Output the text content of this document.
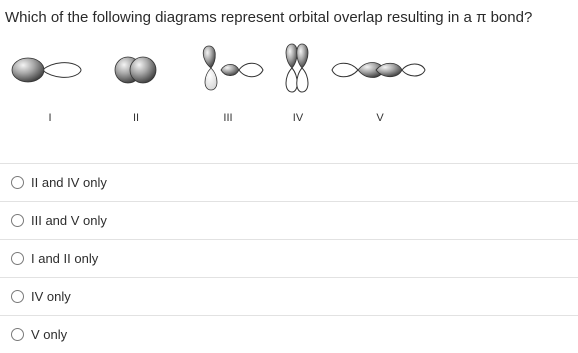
Which of the following diagrams represent orbital overlap resulting in a π bond?
I	II	III	IV	V
II and IV only
III and V only
I and II only
IV only
V only
